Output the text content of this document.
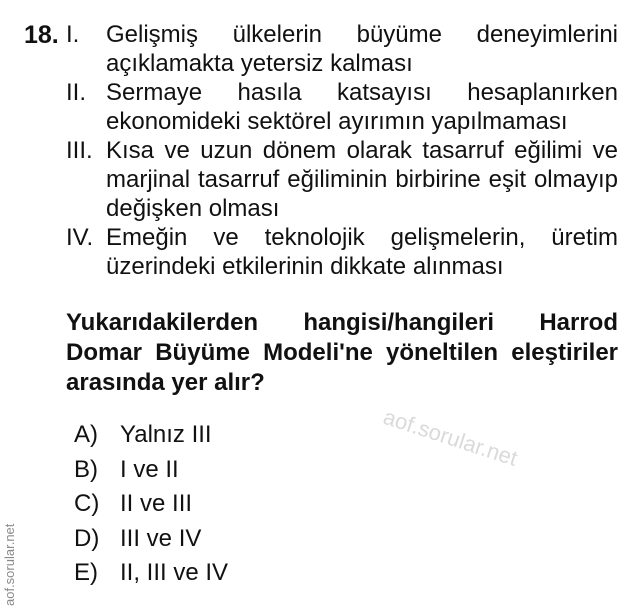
18. I.	Gelişmiş ülkelerin büyüme deneyimlerini açıklamakta yetersiz kalması
II. Sermaye hasıla katsayısı hesaplanırken ekonomideki sektörel ayırımın yapılmaması
III. Kısa ve uzun dönem olarak tasarruf eğilimi ve marjinal tasarruf eğiliminin birbirine eşit olmayıp değişken olması
IV. Emeğin ve teknolojik gelişmelerin, üretim üzerindeki etkilerinin dikkate alınması
Yukarıdakilerden hangisi/hangileri Harrod Domar Büyüme Modeli'ne yöneltilen eleştiriler arasında yer alır?
A) Yalnız III
B) I ve II
C) II ve III
D) III ve IV
E) II, III ve IV
aof.sorular.net
aof.sorular.net
